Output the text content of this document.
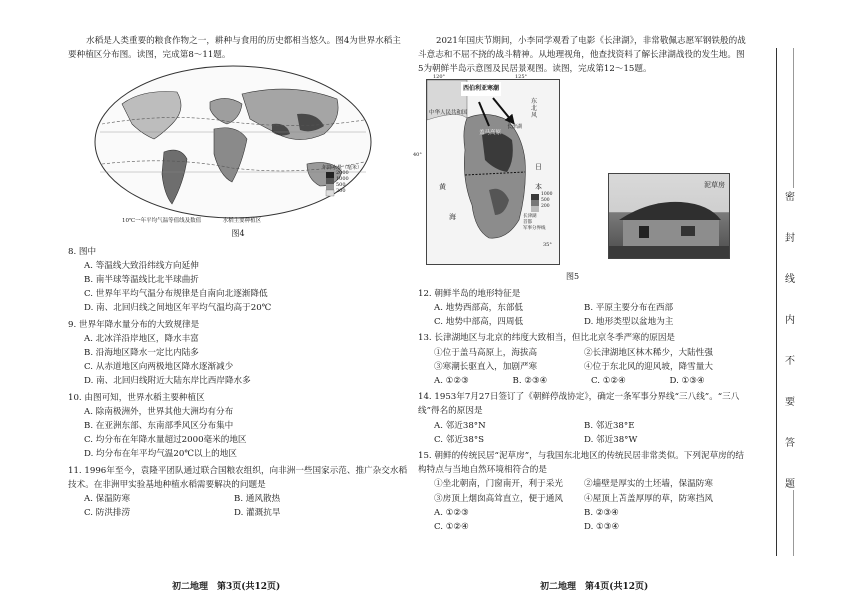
水稻是人类重要的粮食作物之一，耕种与食用的历史都相当悠久。图4为世界水稻主要种植区分布图。读图，完成第8～11题。

年降水量（毫米）
2000
1000
500
200
10℃一年平均气温等值线及数值	水稻主要种植区
图4
8. 图中
A. 等温线大致沿纬线方向延伸
B. 南半球等温线比北半球曲折
C. 世界年平均气温分布规律是自南向北逐渐降低
D. 南、北回归线之间地区年平均气温均高于20℃
9. 世界年降水量分布的大致规律是
A. 北冰洋沿岸地区，降水丰富
B. 沿海地区降水一定比内陆多
C. 从赤道地区向两极地区降水逐渐减少
D. 南、北回归线附近大陆东岸比西岸降水多
10. 由图可知，世界水稻主要种植区
A. 除南极洲外，世界其他大洲均有分布
B. 在亚洲东部、东南部季风区分布集中
C. 均分布在年降水量超过2000毫米的地区
D. 均分布在年平均气温20℃以上的地区
11. 1996年至今，袁隆平团队通过联合国粮农组织，向非洲一些国家示范、推广杂交水稻技术。在非洲甲实验基地种植水稻需要解决的问题是
A. 保温防寒	B. 通风散热
C. 防洪排涝	D. 灌溉抗旱
初二地理　第3页(共12页)

2021年国庆节期间，小李同学观看了电影《长津湖》，非常敬佩志愿军钢铁般的战斗意志和不屈不挠的战斗精神。从地理视角，他查找资料了解长津湖战役的发生地。图5为朝鲜半岛示意图及民居景观图。读图，完成第12～15题。

西伯利亚寒潮
中华人民共和国
东北风
盖马高原
长津湖
黄
海
日
本
120°	125°
40°
35°
1000
500
200
长津湖
首都
军事分界线
泥草房
图5
12. 朝鲜半岛的地形特征是
A. 地势西部高，东部低	B. 平原主要分布在西部
C. 地势中部高，四周低	D. 地形类型以盆地为主
13. 长津湖地区与北京的纬度大致相当，但比北京冬季严寒的原因是
①位于盖马高原上，海拔高	②长津湖地区林木稀少，大陆性强
③寒潮长驱直入，加剧严寒	④位于东北风的迎风坡，降雪量大
A. ①②③	B. ②③④	C. ①②④	D. ①③④
14. 1953年7月27日签订了《朝鲜停战协定》，确定一条军事分界线“三八线”。“三八线”得名的原因是
A. 邻近38°N	B. 邻近38°E
C. 邻近38°S	D. 邻近38°W
15. 朝鲜的传统民居“泥草房”，与我国东北地区的传统民居非常类似。下列泥草房的结构特点与当地自然环境相符合的是
①坐北朝南，门窗南开，利于采光	②墙壁是厚实的土坯墙，保温防寒
③房顶上烟囱高耸直立，便于通风	④屋顶上苫盖厚厚的草，防寒挡风
A. ①②③	B. ②③④
C. ①②④	D. ①③④
初二地理　第4页(共12页)
密
封
线
内
不
要
答
题
